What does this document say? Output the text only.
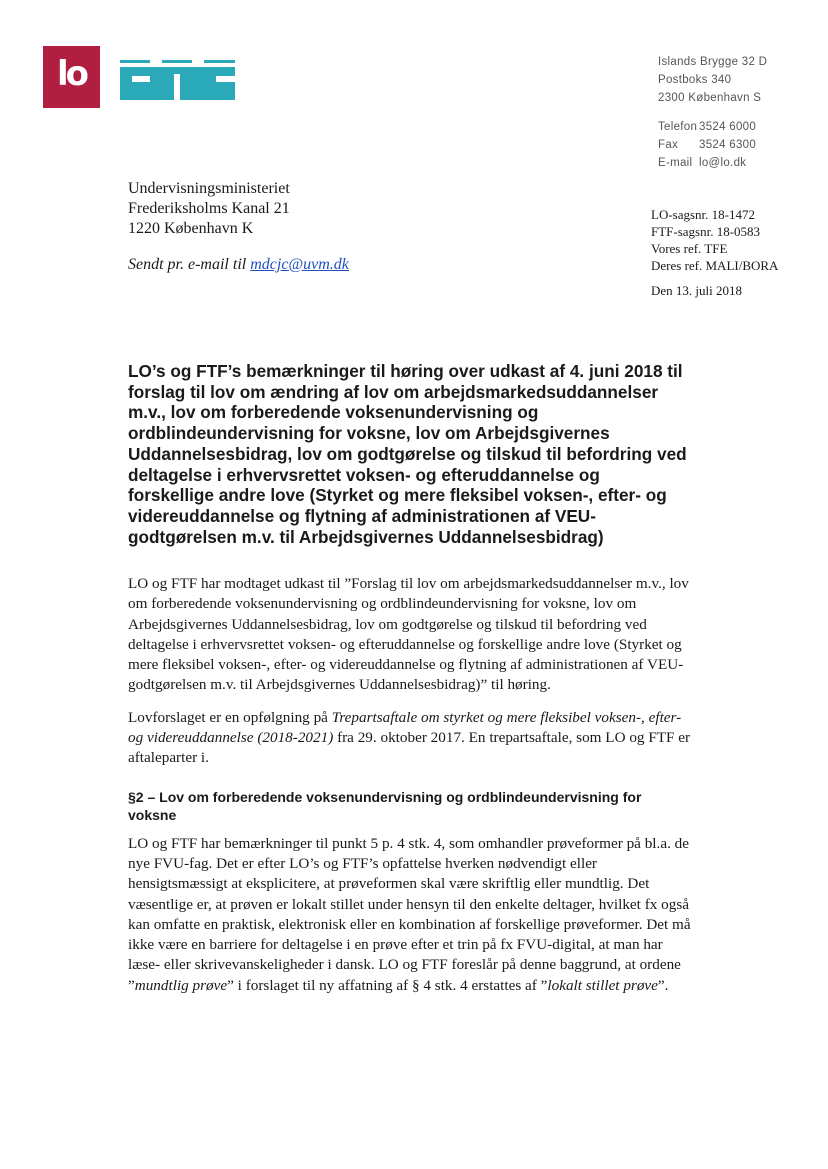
lo	Islands Brygge 32 D
Postboks 340
2300 København S
Telefon 3524 6000
Fax	3524 6300
E-mail lo@lo.dk
Undervisningsministeriet
Frederiksholms Kanal 21
1220 København K
Sendt pr. e-mail til mdcjc@uvm.dk
LO-sagsnr. 18-1472
FTF-sagsnr. 18-0583
Vores ref. TFE
Deres ref. MALI/BORA
Den 13. juli 2018
LO’s og FTF’s bemærkninger til høring over udkast af 4. juni 2018 til forslag til lov om ændring af lov om arbejdsmarkedsuddannelser m.v., lov om forberedende voksenundervisning og ordblindeundervisning for voksne, lov om Arbejdsgivernes Uddannelsesbidrag, lov om godtgørelse og tilskud til befordring ved deltagelse i erhvervsrettet voksen- og efteruddannelse og forskellige andre love (Styrket og mere fleksibel voksen-, efter- og videreuddannelse og flytning af administrationen af VEU-godtgørelsen m.v. til Arbejdsgivernes Uddannelsesbidrag)

LO og FTF har modtaget udkast til ”Forslag til lov om arbejdsmarkedsuddannelser m.v., lov om forberedende voksenundervisning og ordblindeundervisning for voksne, lov om Arbejdsgivernes Uddannelsesbidrag, lov om godtgørelse og tilskud til befordring ved deltagelse i erhvervsrettet voksen- og efteruddannelse og forskellige andre love (Styrket og mere fleksibel voksen-, efter- og videreuddannelse og flytning af administrationen af VEU-godtgørelsen m.v. til Arbejdsgivernes Uddannelsesbidrag)” til høring.

Lovforslaget er en opfølgning på Trepartsaftale om styrket og mere fleksibel voksen-, efter- og videreuddannelse (2018-2021) fra 29. oktober 2017. En trepartsaftale, som LO og FTF er aftaleparter i.

§2 – Lov om forberedende voksenundervisning og ordblindeundervisning for voksne

LO og FTF har bemærkninger til punkt 5 p. 4 stk. 4, som omhandler prøveformer på bl.a. de nye FVU-fag. Det er efter LO’s og FTF’s opfattelse hverken nødvendigt eller hensigtsmæssigt at eksplicitere, at prøveformen skal være skriftlig eller mundtlig. Det væsentlige er, at prøven er lokalt stillet under hensyn til den enkelte deltager, hvilket fx også kan omfatte en praktisk, elektronisk eller en kombination af forskellige prøveformer. Det må ikke være en barriere for deltagelse i en prøve efter et trin på fx FVU-digital, at man har læse- eller skrivevanskeligheder i dansk. LO og FTF foreslår på denne baggrund, at ordene ”mundtlig prøve” i forslaget til ny affatning af § 4 stk. 4 erstattes af ”lokalt stillet prøve”.
